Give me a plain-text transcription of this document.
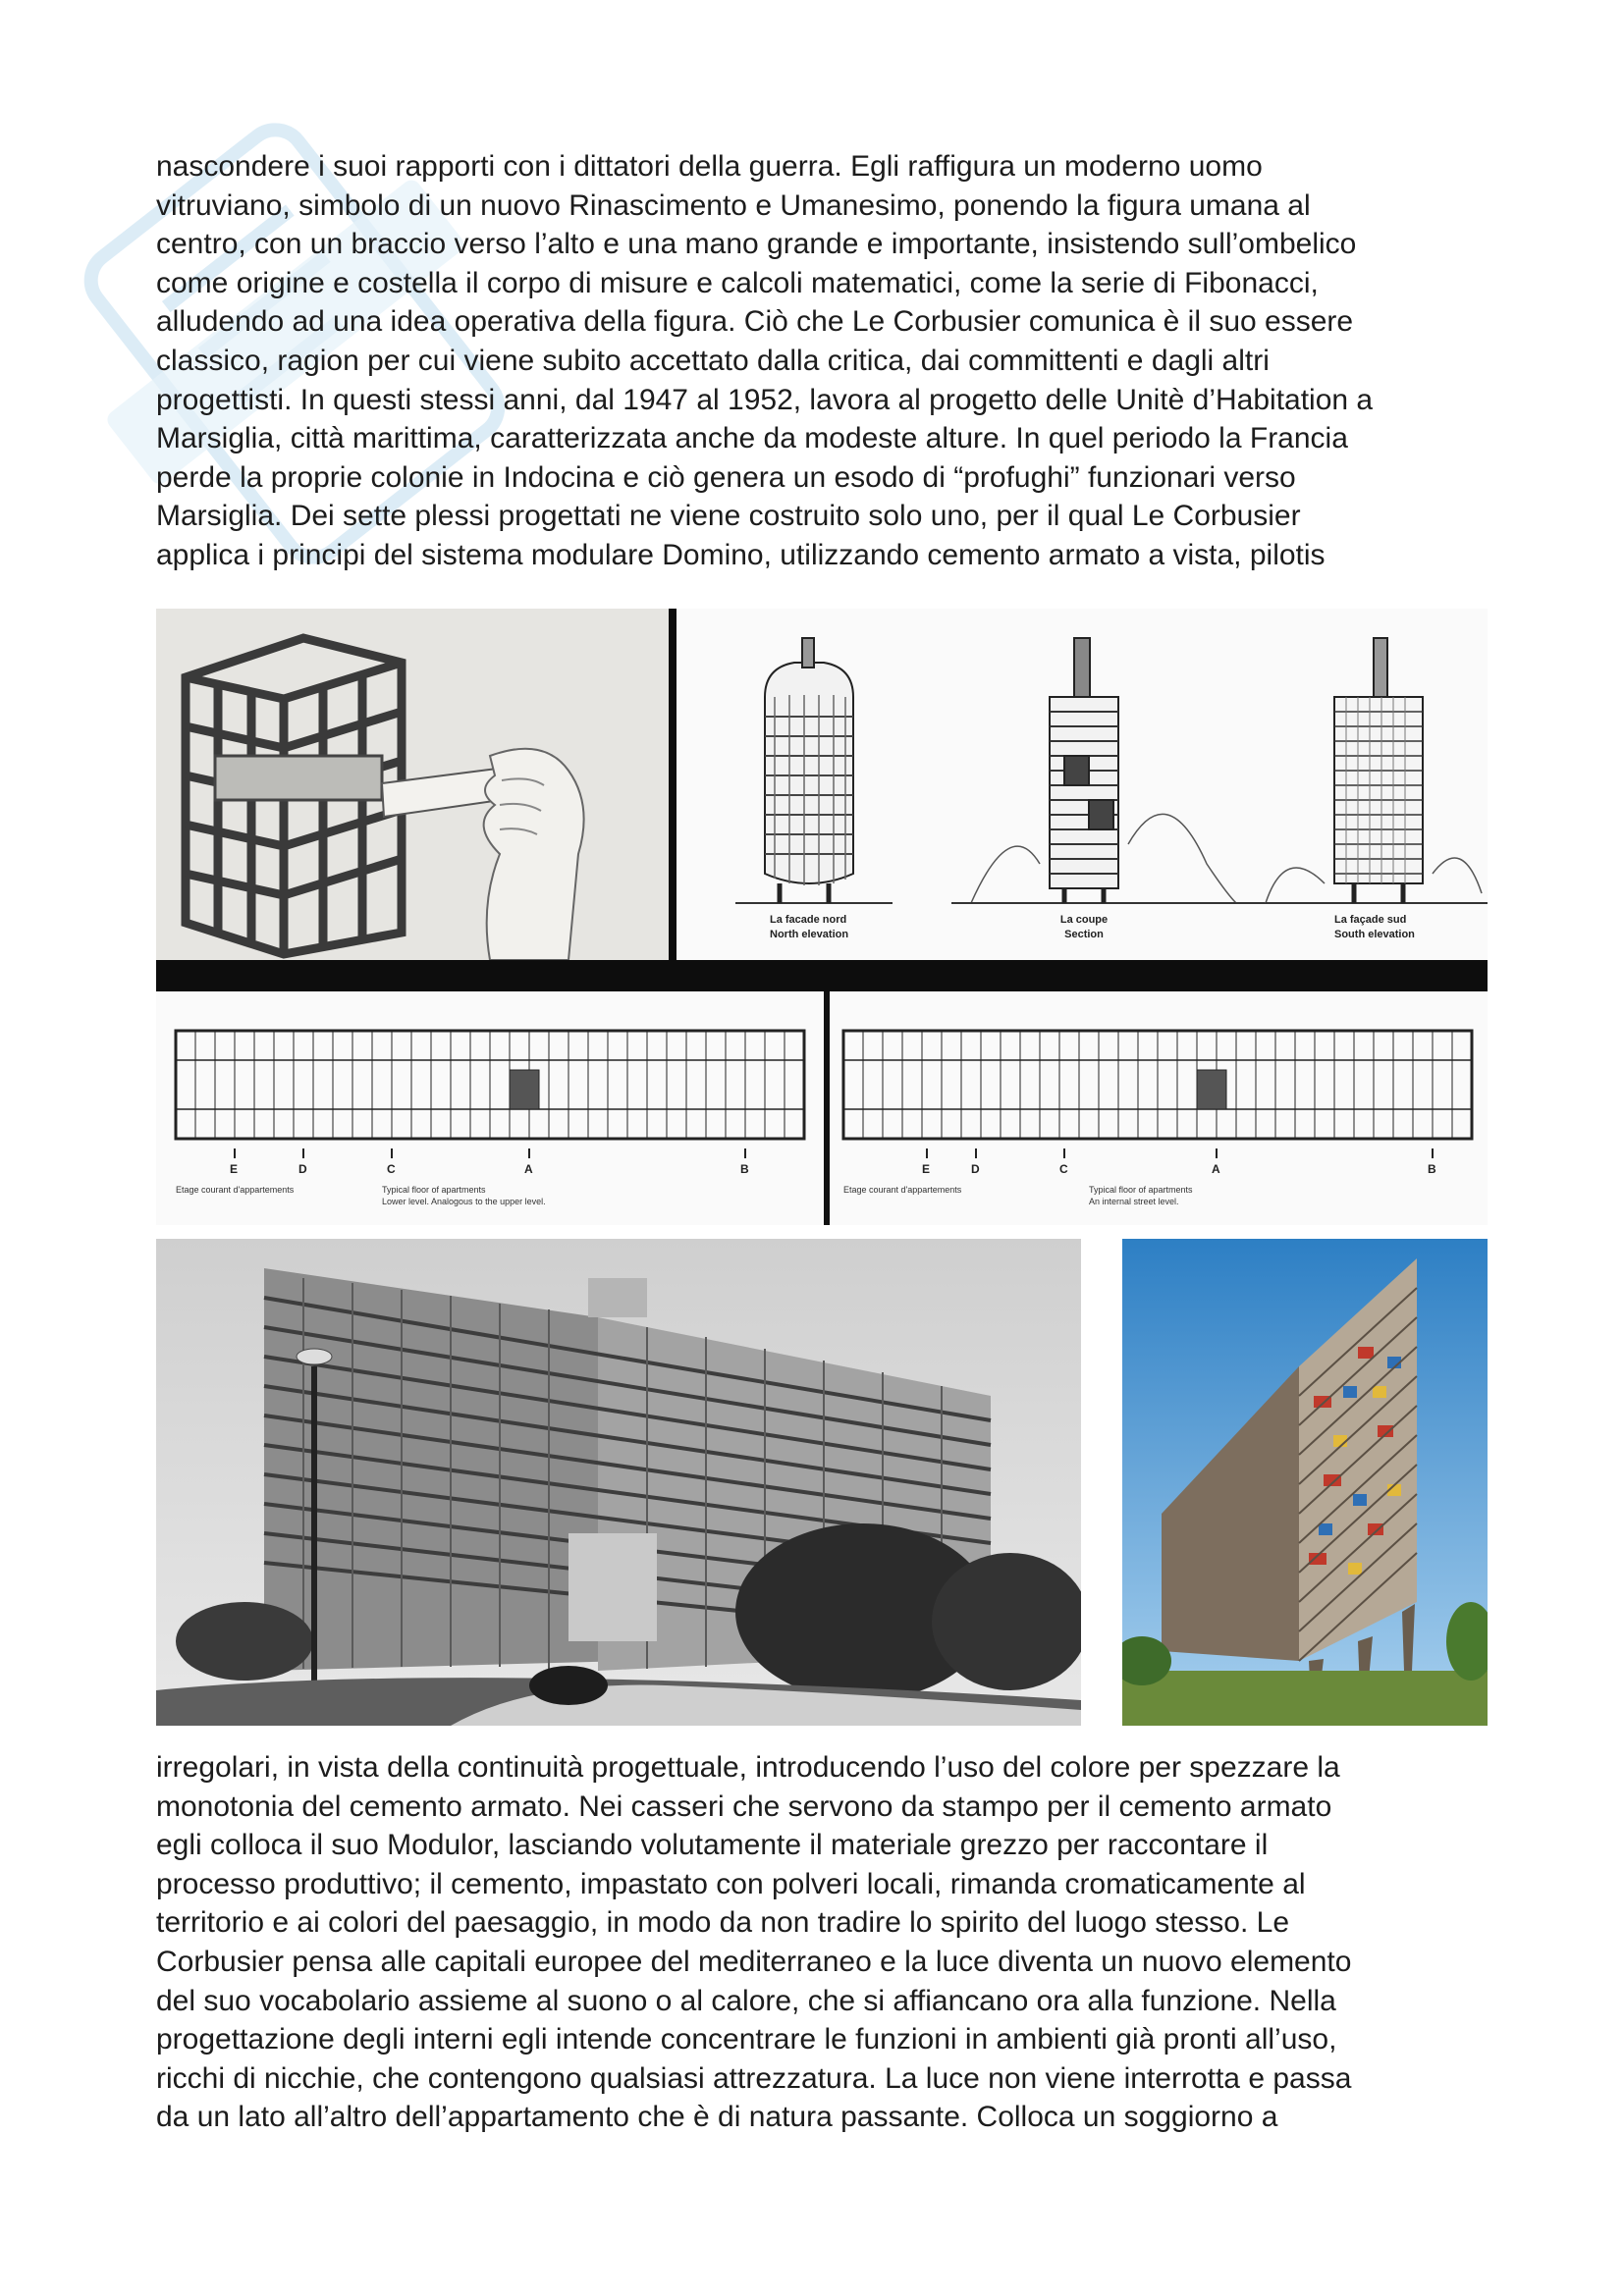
nascondere i suoi rapporti con i dittatori della guerra. Egli raffigura un moderno uomo
vitruviano, simbolo di un nuovo Rinascimento e Umanesimo, ponendo la figura umana al
centro, con un braccio verso l’alto e una mano grande e importante, insistendo sull’ombelico
come origine e costella il corpo di misure e calcoli matematici, come la serie di Fibonacci,
alludendo ad una idea operativa della figura. Ciò che Le Corbusier comunica è il suo essere
classico, ragion per cui viene subito accettato dalla critica, dai committenti e dagli altri
progettisti. In questi stessi anni, dal 1947 al 1952, lavora al progetto delle Unitè d’Habitation a
Marsiglia, città marittima, caratterizzata anche da modeste alture. In quel periodo la Francia
perde la proprie colonie in Indocina e ciò genera un esodo di “profughi” funzionari verso
Marsiglia. Dei sette plessi progettati ne viene costruito solo uno, per il qual Le Corbusier
applica i principi del sistema modulare Domino, utilizzando cemento armato a vista, pilotis

La facade nord
North elevation
La coupe
Section
La façade sud
South elevation
E	D	C	A	B
Etage courant d'appartements	Typical floor of apartments
Lower level. Analogous to the upper level.
E	D	C	A	B
Etage courant d'appartements	Typical floor of apartments
An internal street level.

irregolari, in vista della continuità progettuale, introducendo l’uso del colore per spezzare la
monotonia del cemento armato. Nei casseri che servono da stampo per il cemento armato
egli colloca il suo Modulor, lasciando volutamente il materiale grezzo per raccontare il
processo produttivo; il cemento, impastato con polveri locali, rimanda cromaticamente al
territorio e ai colori del paesaggio, in modo da non tradire lo spirito del luogo stesso. Le
Corbusier pensa alle capitali europee del mediterraneo e la luce diventa un nuovo elemento
del suo vocabolario assieme al suono o al calore, che si affiancano ora alla funzione. Nella
progettazione degli interni egli intende concentrare le funzioni in ambienti già pronti all’uso,
ricchi di nicchie, che contengono qualsiasi attrezzatura. La luce non viene interrotta e passa
da un lato all’altro dell’appartamento che è di natura passante. Colloca un soggiorno a
